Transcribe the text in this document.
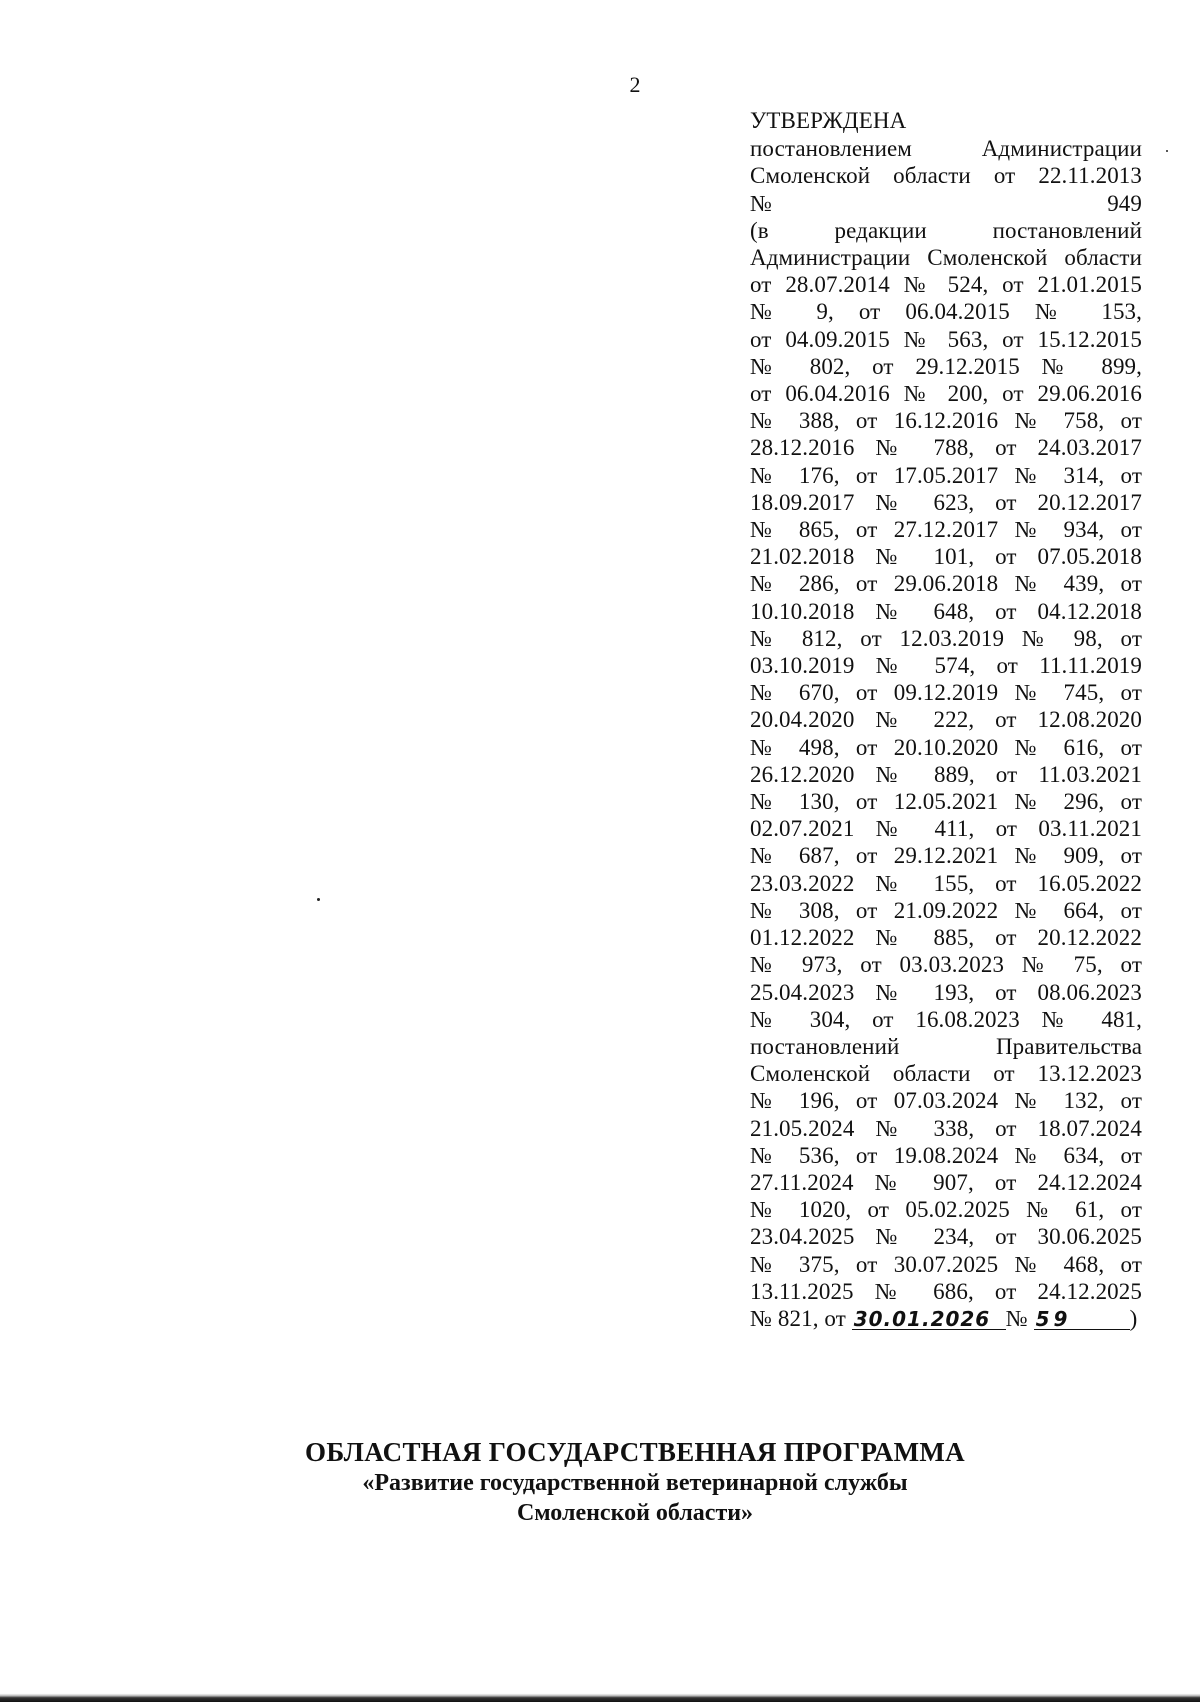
2
УТВЕРЖДЕНА
постановлением Администрации
Смоленской области от 22.11.2013
№ 949
(в редакции постановлений
Администрации Смоленской области
от 28.07.2014 № 524, от 21.01.2015
№ 9, от 06.04.2015 № 153,
от 04.09.2015 № 563, от 15.12.2015
№ 802, от 29.12.2015 № 899,
от 06.04.2016 № 200, от 29.06.2016
№ 388, от 16.12.2016 № 758, от
28.12.2016 № 788, от 24.03.2017
№ 176, от 17.05.2017 № 314, от
18.09.2017 № 623, от 20.12.2017
№ 865, от 27.12.2017 № 934, от
21.02.2018 № 101, от 07.05.2018
№ 286, от 29.06.2018 № 439, от
10.10.2018 № 648, от 04.12.2018
№ 812, от 12.03.2019 № 98, от
03.10.2019 № 574, от 11.11.2019
№ 670, от 09.12.2019 № 745, от
20.04.2020 № 222, от 12.08.2020
№ 498, от 20.10.2020 № 616, от
26.12.2020 № 889, от 11.03.2021
№ 130, от 12.05.2021 № 296, от
02.07.2021 № 411, от 03.11.2021
№ 687, от 29.12.2021 № 909, от
23.03.2022 № 155, от 16.05.2022
№ 308, от 21.09.2022 № 664, от
01.12.2022 № 885, от 20.12.2022
№ 973, от 03.03.2023 № 75, от
25.04.2023 № 193, от 08.06.2023
№ 304, от 16.08.2023 № 481,
постановлений Правительства
Смоленской области от 13.12.2023
№ 196, от 07.03.2024 № 132, от
21.05.2024 № 338, от 18.07.2024
№ 536, от 19.08.2024 № 634, от
27.11.2024 № 907, от 24.12.2024
№ 1020, от 05.02.2025 № 61, от
23.04.2025 № 234, от 30.06.2025
№ 375, от 30.07.2025 № 468, от
13.11.2025 № 686, от 24.12.2025
№ 821, от 30.01.2026 № 59	)
ОБЛАСТНАЯ ГОСУДАРСТВЕННАЯ ПРОГРАММА
«Развитие государственной ветеринарной службы
Смоленской области»
